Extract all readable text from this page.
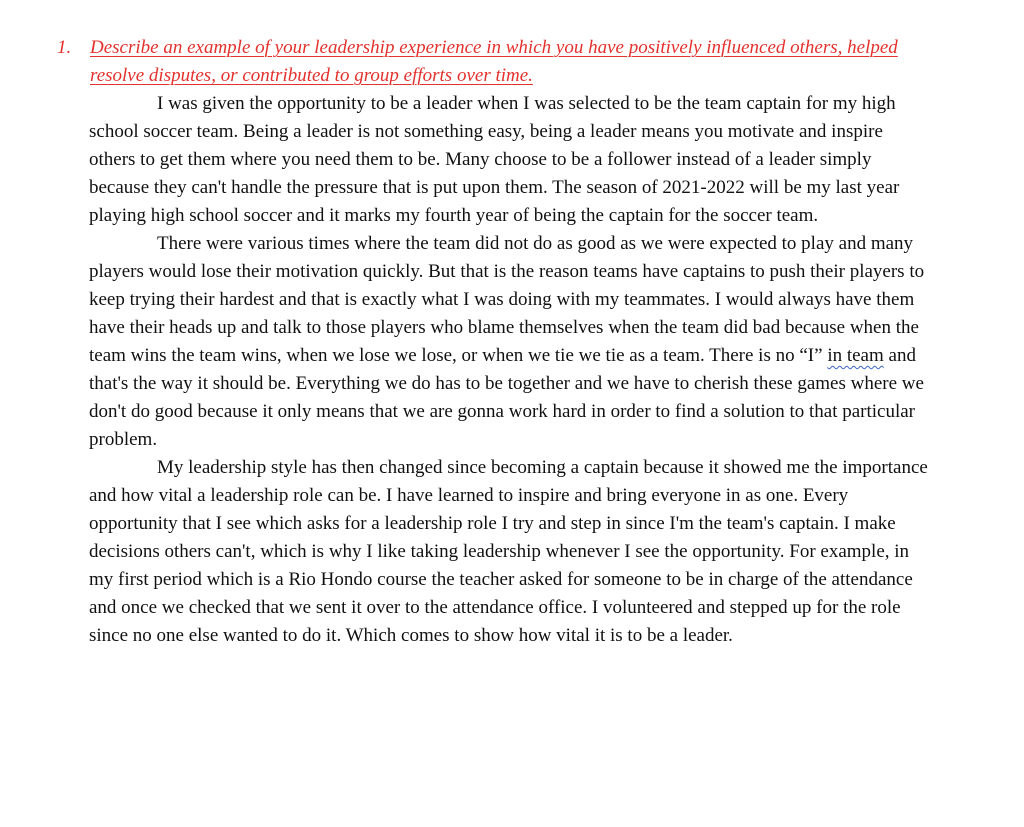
1. Describe an example of your leadership experience in which you have positively influenced others, helped resolve disputes, or contributed to group efforts over time.

I was given the opportunity to be a leader when I was selected to be the team captain for my high school soccer team. Being a leader is not something easy, being a leader means you motivate and inspire others to get them where you need them to be. Many choose to be a follower instead of a leader simply because they can't handle the pressure that is put upon them. The season of 2021-2022 will be my last year playing high school soccer and it marks my fourth year of being the captain for the soccer team.

There were various times where the team did not do as good as we were expected to play and many players would lose their motivation quickly. But that is the reason teams have captains to push their players to keep trying their hardest and that is exactly what I was doing with my teammates. I would always have them have their heads up and talk to those players who blame themselves when the team did bad because when the team wins the team wins, when we lose we lose, or when we tie we tie as a team. There is no “I” in team and that's the way it should be. Everything we do has to be together and we have to cherish these games where we don't do good because it only means that we are gonna work hard in order to find a solution to that particular problem.

My leadership style has then changed since becoming a captain because it showed me the importance and how vital a leadership role can be. I have learned to inspire and bring everyone in as one. Every opportunity that I see which asks for a leadership role I try and step in since I'm the team's captain. I make decisions others can't, which is why I like taking leadership whenever I see the opportunity. For example, in my first period which is a Rio Hondo course the teacher asked for someone to be in charge of the attendance and once we checked that we sent it over to the attendance office. I volunteered and stepped up for the role since no one else wanted to do it. Which comes to show how vital it is to be a leader.
